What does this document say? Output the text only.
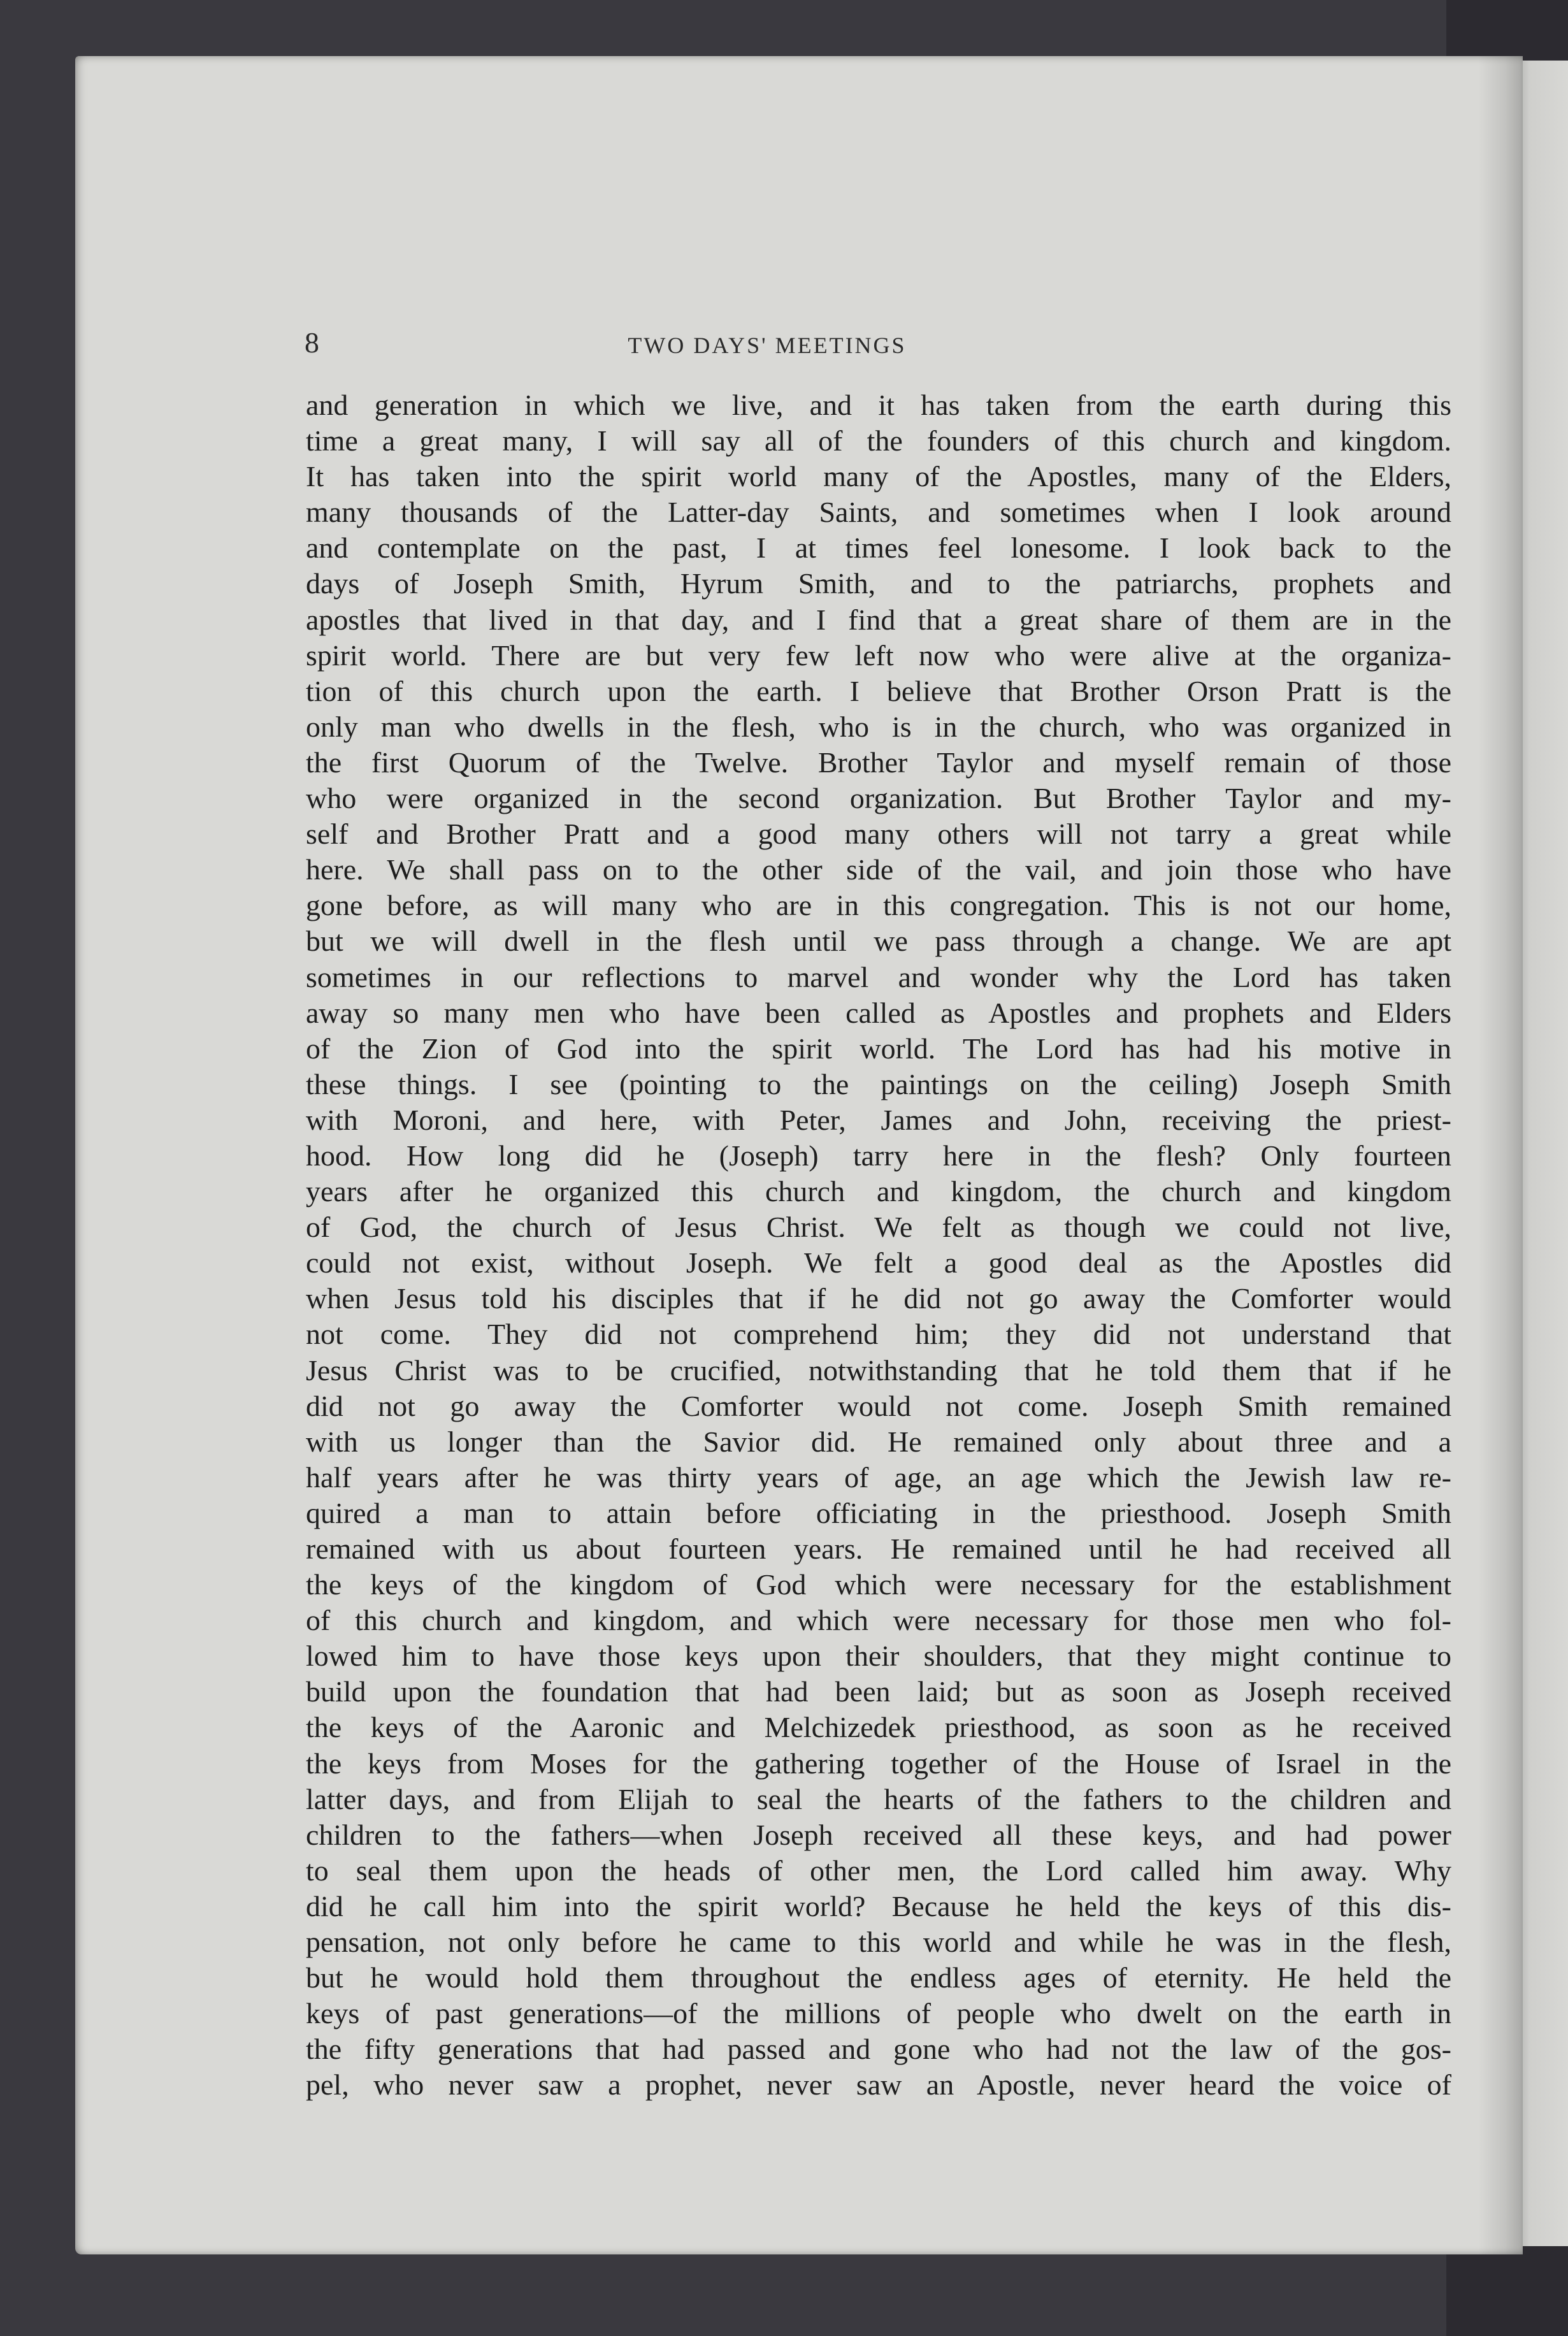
8	TWO DAYS' MEETINGS
and generation in which we live, and it has taken from the earth during this
time a great many, I will say all of the founders of this church and kingdom.
It has taken into the spirit world many of the Apostles, many of the Elders,
many thousands of the Latter-day Saints, and sometimes when I look around
and contemplate on the past, I at times feel lonesome. I look back to the
days of Joseph Smith, Hyrum Smith, and to the patriarchs, prophets and
apostles that lived in that day, and I find that a great share of them are in the
spirit world. There are but very few left now who were alive at the organiza-
tion of this church upon the earth. I believe that Brother Orson Pratt is the
only man who dwells in the flesh, who is in the church, who was organized in
the first Quorum of the Twelve. Brother Taylor and myself remain of those
who were organized in the second organization. But Brother Taylor and my-
self and Brother Pratt and a good many others will not tarry a great while
here. We shall pass on to the other side of the vail, and join those who have
gone before, as will many who are in this congregation. This is not our home,
but we will dwell in the flesh until we pass through a change. We are apt
sometimes in our reflections to marvel and wonder why the Lord has taken
away so many men who have been called as Apostles and prophets and Elders
of the Zion of God into the spirit world. The Lord has had his motive in
these things. I see (pointing to the paintings on the ceiling) Joseph Smith
with Moroni, and here, with Peter, James and John, receiving the priest-
hood. How long did he (Joseph) tarry here in the flesh? Only fourteen
years after he organized this church and kingdom, the church and kingdom
of God, the church of Jesus Christ. We felt as though we could not live,
could not exist, without Joseph. We felt a good deal as the Apostles did
when Jesus told his disciples that if he did not go away the Comforter would
not come. They did not comprehend him; they did not understand that
Jesus Christ was to be crucified, notwithstanding that he told them that if he
did not go away the Comforter would not come. Joseph Smith remained
with us longer than the Savior did. He remained only about three and a
half years after he was thirty years of age, an age which the Jewish law re-
quired a man to attain before officiating in the priesthood. Joseph Smith
remained with us about fourteen years. He remained until he had received all
the keys of the kingdom of God which were necessary for the establishment
of this church and kingdom, and which were necessary for those men who fol-
lowed him to have those keys upon their shoulders, that they might continue to
build upon the foundation that had been laid; but as soon as Joseph received
the keys of the Aaronic and Melchizedek priesthood, as soon as he received
the keys from Moses for the gathering together of the House of Israel in the
latter days, and from Elijah to seal the hearts of the fathers to the children and
children to the fathers—when Joseph received all these keys, and had power
to seal them upon the heads of other men, the Lord called him away. Why
did he call him into the spirit world? Because he held the keys of this dis-
pensation, not only before he came to this world and while he was in the flesh,
but he would hold them throughout the endless ages of eternity. He held the
keys of past generations—of the millions of people who dwelt on the earth in
the fifty generations that had passed and gone who had not the law of the gos-
pel, who never saw a prophet, never saw an Apostle, never heard the voice of
